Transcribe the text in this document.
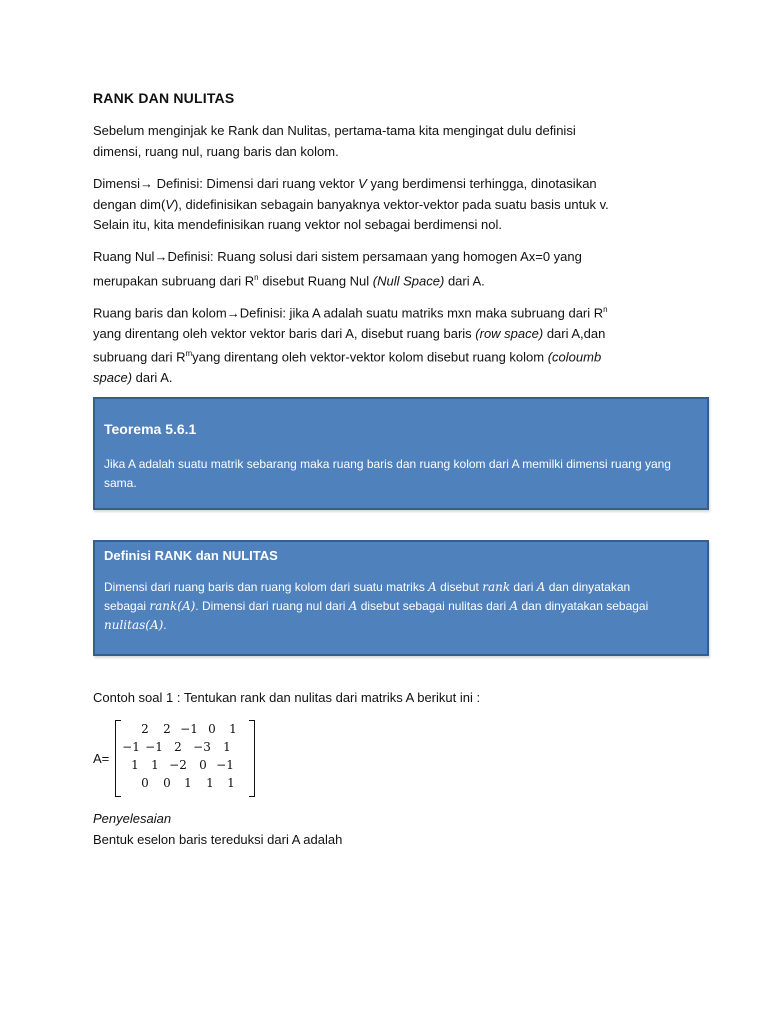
RANK DAN NULITAS
Sebelum menginjak ke Rank dan Nulitas, pertama-tama kita mengingat dulu definisi
dimensi, ruang nul, ruang baris dan kolom.
Dimensi→ Definisi: Dimensi dari ruang vektor V yang berdimensi terhingga, dinotasikan
dengan dim(V), didefinisikan sebagain banyaknya vektor-vektor pada suatu basis untuk v.
Selain itu, kita mendefinisikan ruang vektor nol sebagai berdimensi nol.
Ruang Nul→Definisi: Ruang solusi dari sistem persamaan yang homogen Ax=0 yang
merupakan subruang dari $R^n$ disebut Ruang Nul (Null Space) dari A.
Ruang baris dan kolom→Definisi: jika A adalah suatu matriks mxn maka subruang dari $R^n$
yang direntang oleh vektor vektor baris dari A, disebut ruang baris (row space) dari A,dan
subruang dari $R^myang$ direntang oleh vektor-vektor kolom disebut ruang kolom (coloumb
space) dari A.
Teorema 5.6.1
Jika A adalah suatu matrik sebarang maka ruang baris dan ruang kolom dari A memilki dimensi ruang yang sama.
Definisi RANK dan NULITAS
Dimensi dari ruang baris dan ruang kolom dari suatu matriks A disebut rank dari A dan dinyatakan
sebagai rank(A). Dimensi dari ruang nul dari A disebut sebagai nulitas dari A dan dinyatakan sebagai
nulitas(A).
Contoh soal 1 : Tentukan rank dan nulitas dari matriks A berikut ini :
A=
2 2 −1 0 1
−1 −1 2 −3 1
1 1 −2 0 −1
0 0 1 1 1
Penyelesaian
Bentuk eselon baris tereduksi dari A adalah
